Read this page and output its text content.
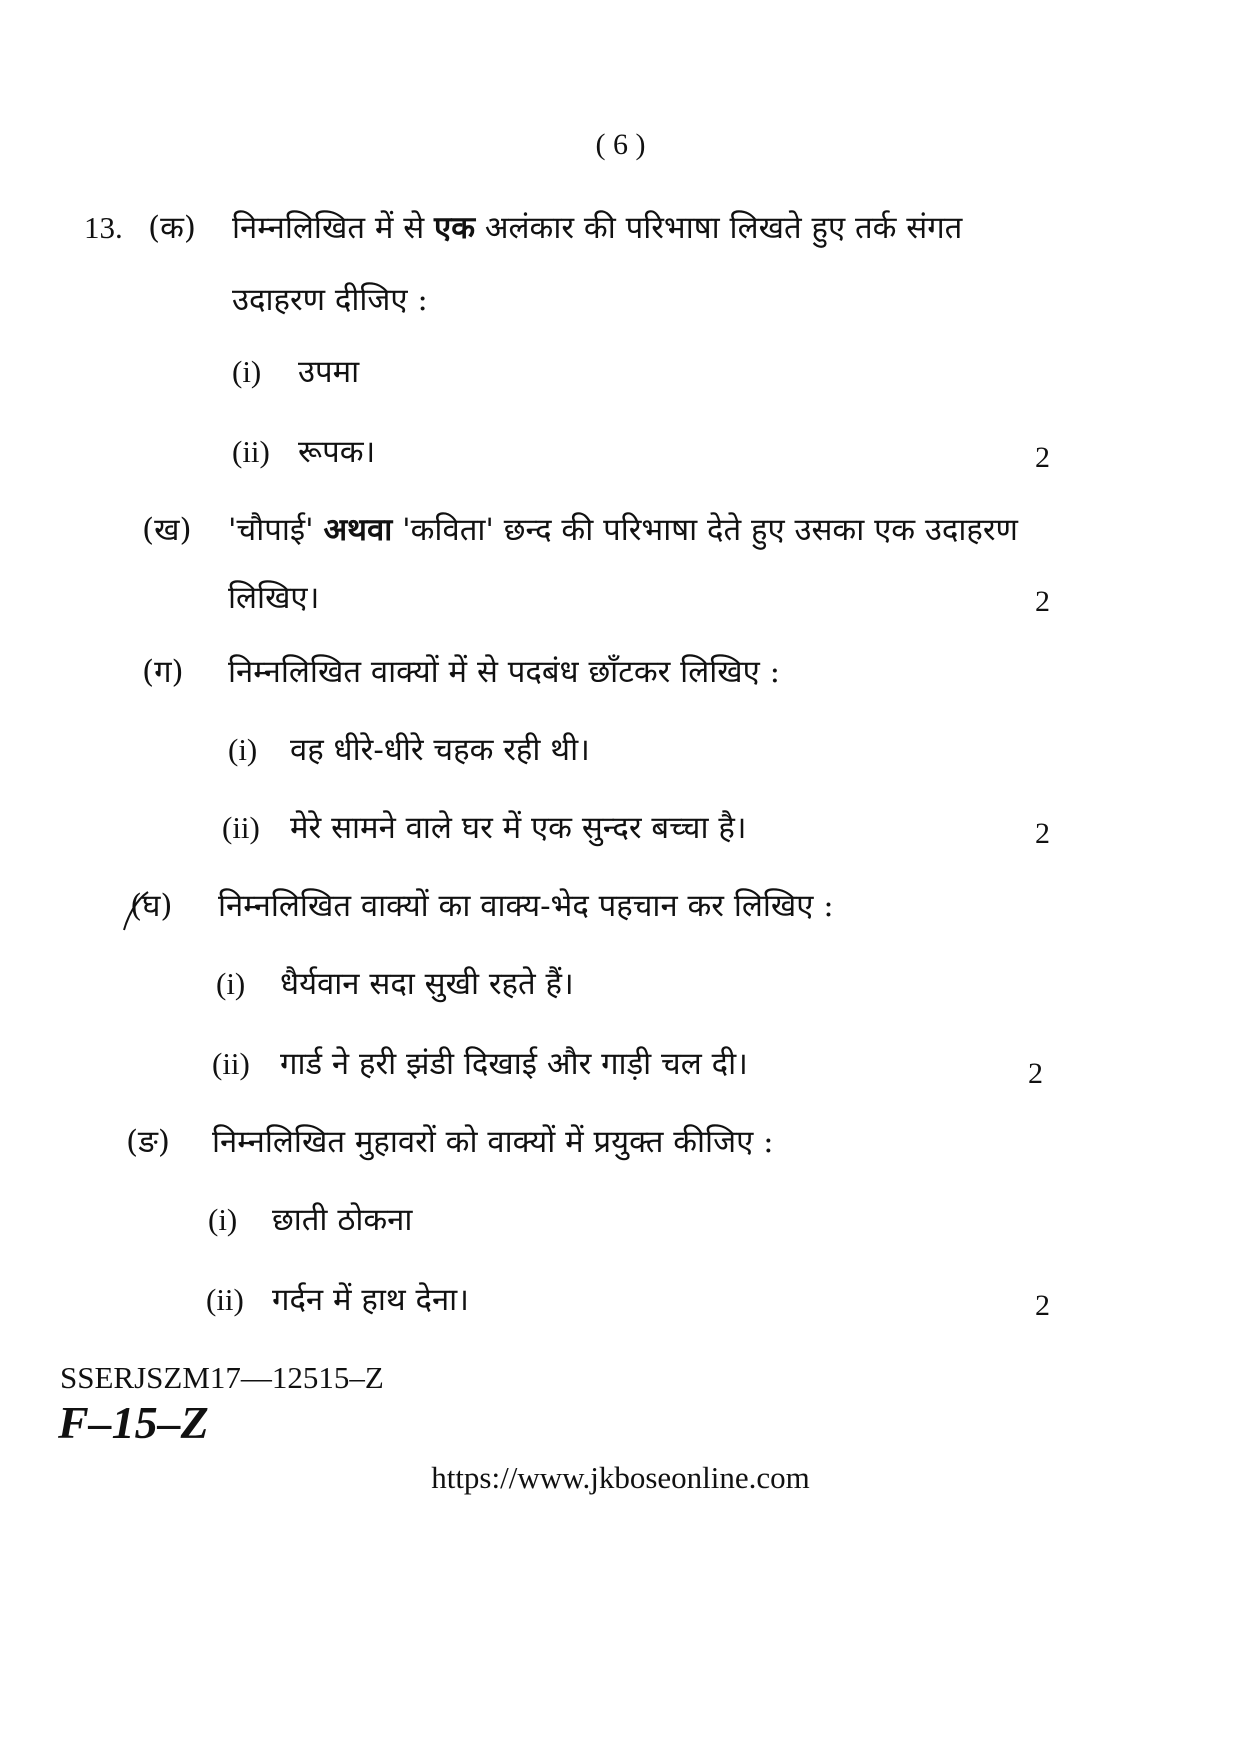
( 6 )
13. (क) निम्नलिखित में से एक अलंकार की परिभाषा लिखते हुए तर्क संगत
उदाहरण दीजिए :
(i) उपमा
(ii) रूपक।	2
(ख) 'चौपाई' अथवा 'कविता' छन्द की परिभाषा देते हुए उसका एक उदाहरण
लिखिए।	2
(ग) निम्नलिखित वाक्यों में से पदबंध छाँटकर लिखिए :
(i) वह धीरे-धीरे चहक रही थी।
(ii) मेरे सामने वाले घर में एक सुन्दर बच्चा है।	2
(घ) निम्नलिखित वाक्यों का वाक्य-भेद पहचान कर लिखिए :
(i) धैर्यवान सदा सुखी रहते हैं।
(ii) गार्ड ने हरी झंडी दिखाई और गाड़ी चल दी।	2
(ङ) निम्नलिखित मुहावरों को वाक्यों में प्रयुक्त कीजिए :
(i) छाती ठोकना
(ii) गर्दन में हाथ देना।	2
SSERJSZM17—12515–Z
F–15–Z
https://www.jkboseonline.com
